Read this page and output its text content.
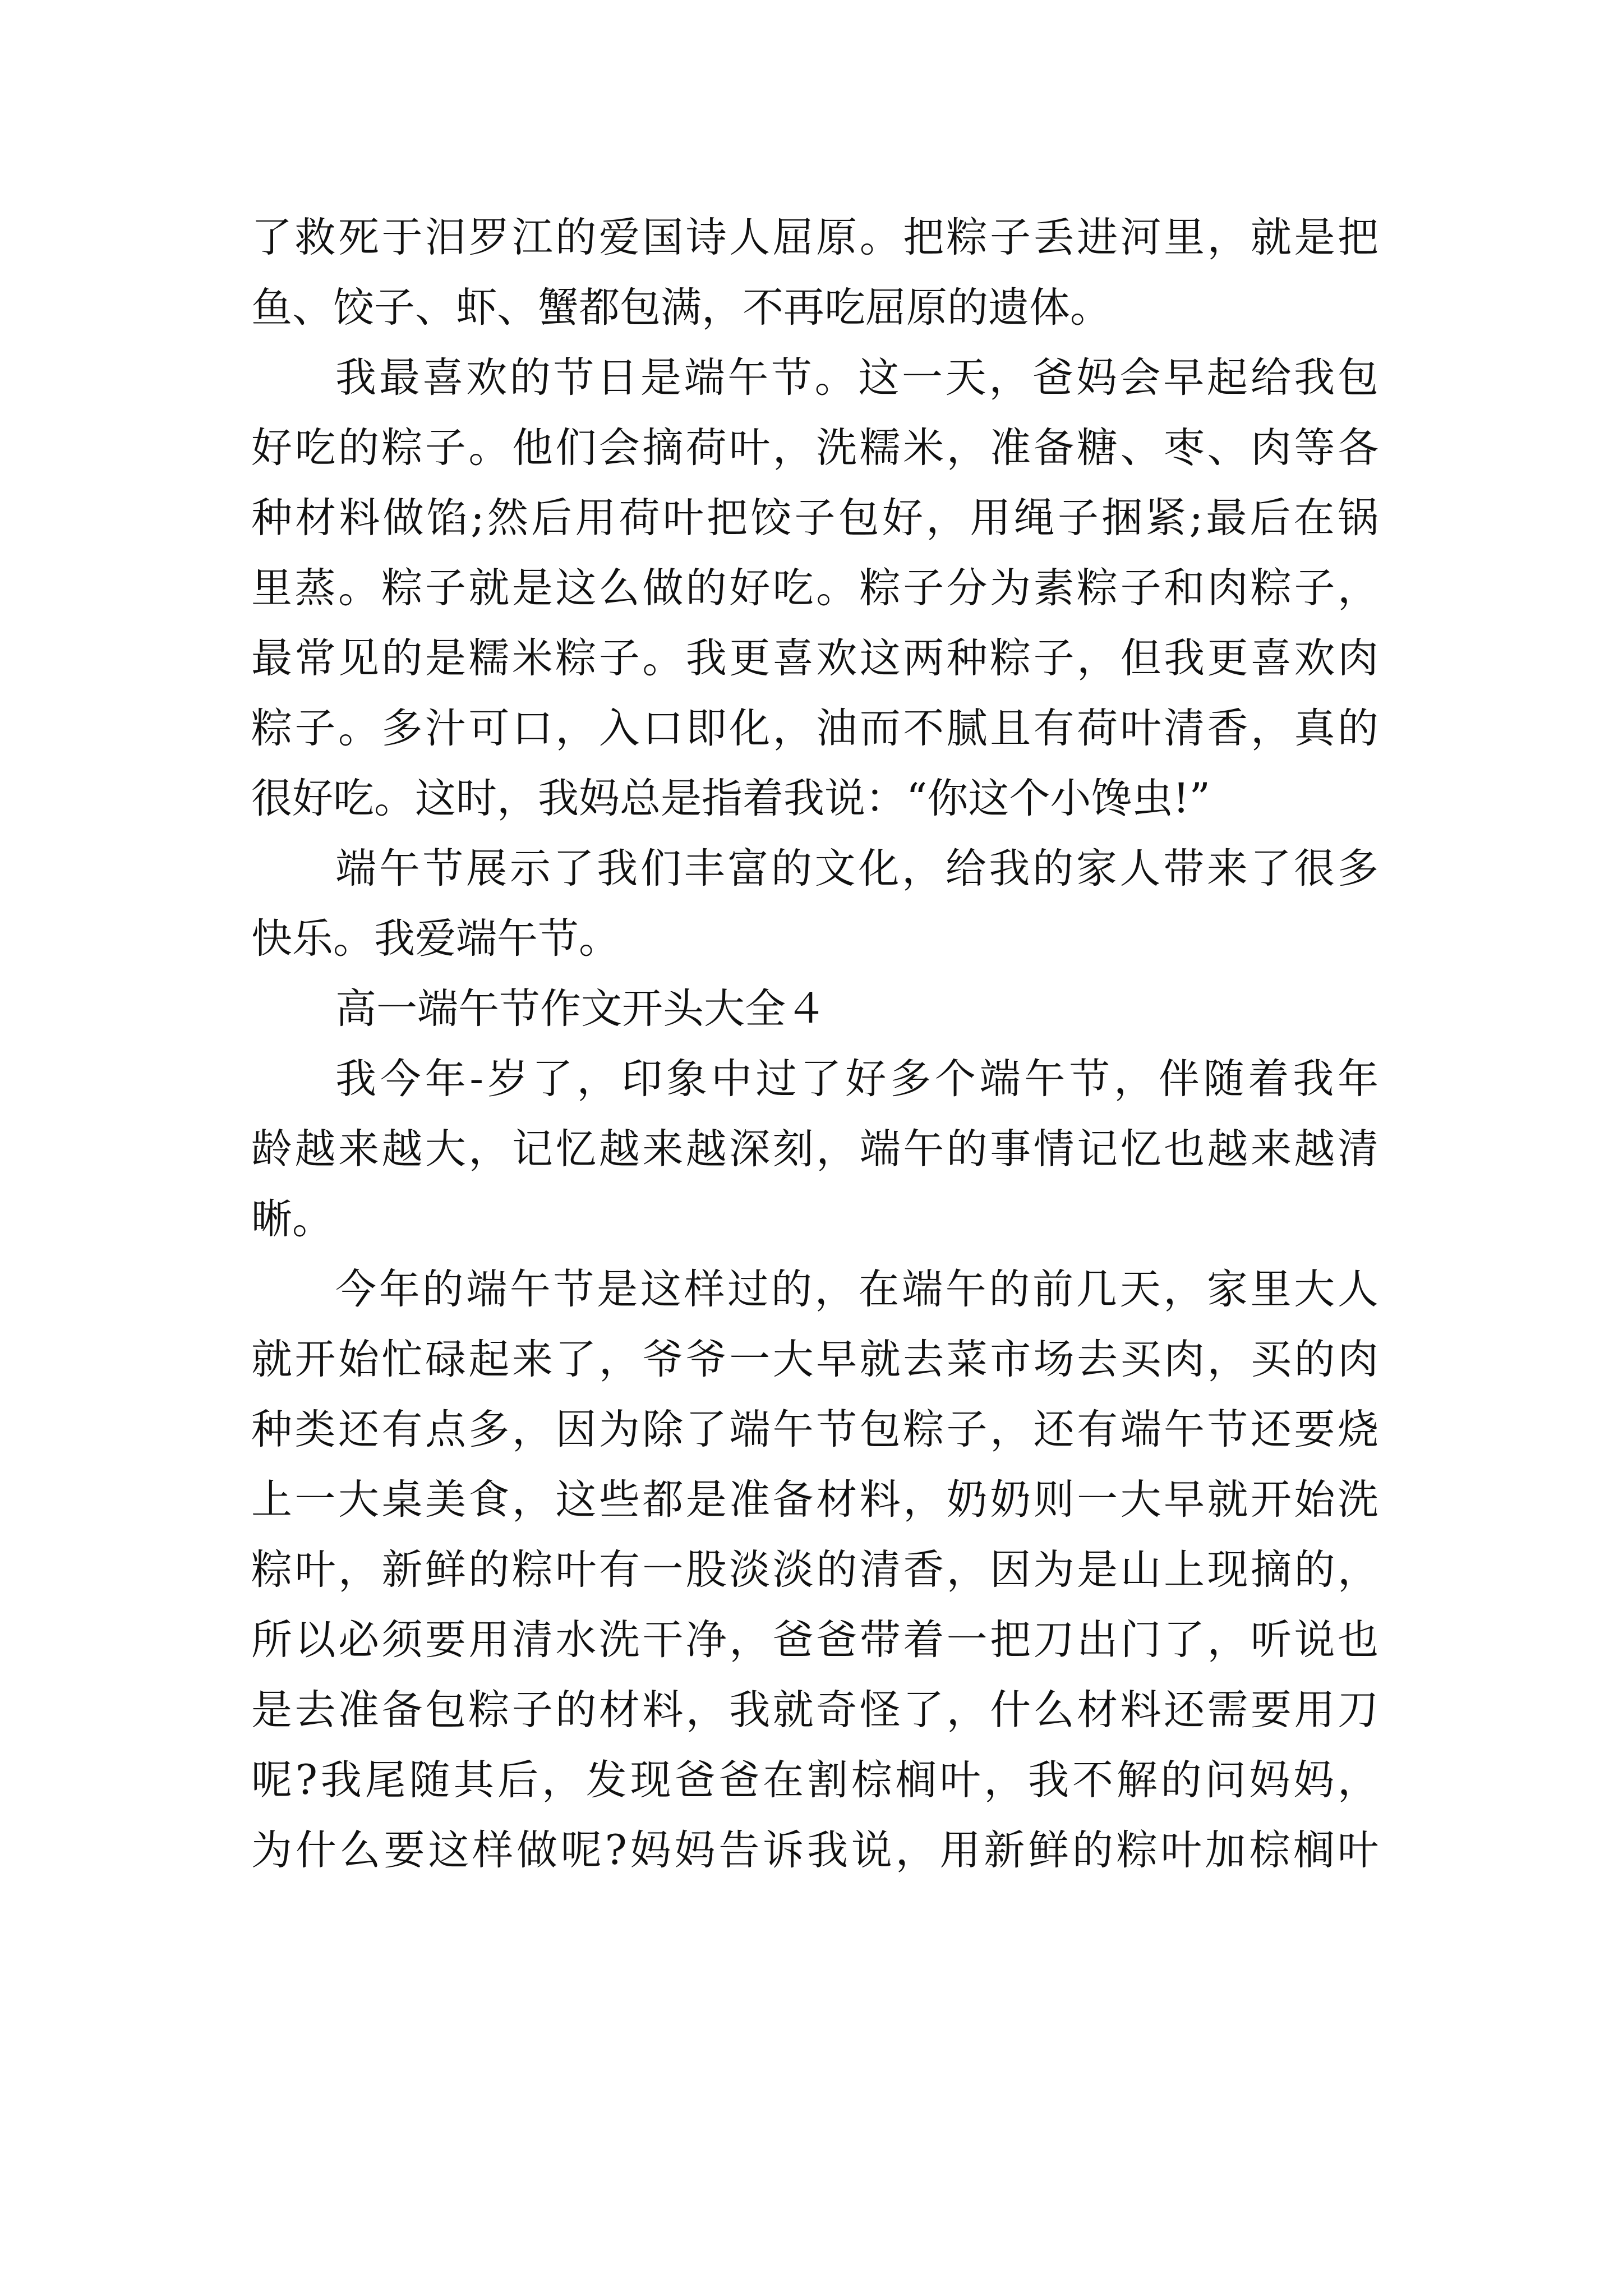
了救死于汨罗江的爱国诗人屈原。把粽子丢进河里，就是把
鱼、饺子、虾、蟹都包满，不再吃屈原的遗体。
我最喜欢的节日是端午节。这一天，爸妈会早起给我包
好吃的粽子。他们会摘荷叶，洗糯米，准备糖、枣、肉等各
种材料做馅;然后用荷叶把饺子包好，用绳子捆紧;最后在锅
里蒸。粽子就是这么做的好吃。粽子分为素粽子和肉粽子，
最常见的是糯米粽子。我更喜欢这两种粽子，但我更喜欢肉
粽子。多汁可口，入口即化，油而不腻且有荷叶清香，真的
很好吃。这时，我妈总是指着我说：“你这个小馋虫!”
端午节展示了我们丰富的文化，给我的家人带来了很多
快乐。我爱端午节。
高一端午节作文开头大全４
我今年-岁了，印象中过了好多个端午节，伴随着我年
龄越来越大，记忆越来越深刻，端午的事情记忆也越来越清
晰。
今年的端午节是这样过的，在端午的前几天，家里大人
就开始忙碌起来了，爷爷一大早就去菜市场去买肉，买的肉
种类还有点多，因为除了端午节包粽子，还有端午节还要烧
上一大桌美食，这些都是准备材料，奶奶则一大早就开始洗
粽叶，新鲜的粽叶有一股淡淡的清香，因为是山上现摘的，
所以必须要用清水洗干净，爸爸带着一把刀出门了，听说也
是去准备包粽子的材料，我就奇怪了，什么材料还需要用刀
呢?我尾随其后，发现爸爸在割棕榈叶，我不解的问妈妈，
为什么要这样做呢?妈妈告诉我说，用新鲜的粽叶加棕榈叶
